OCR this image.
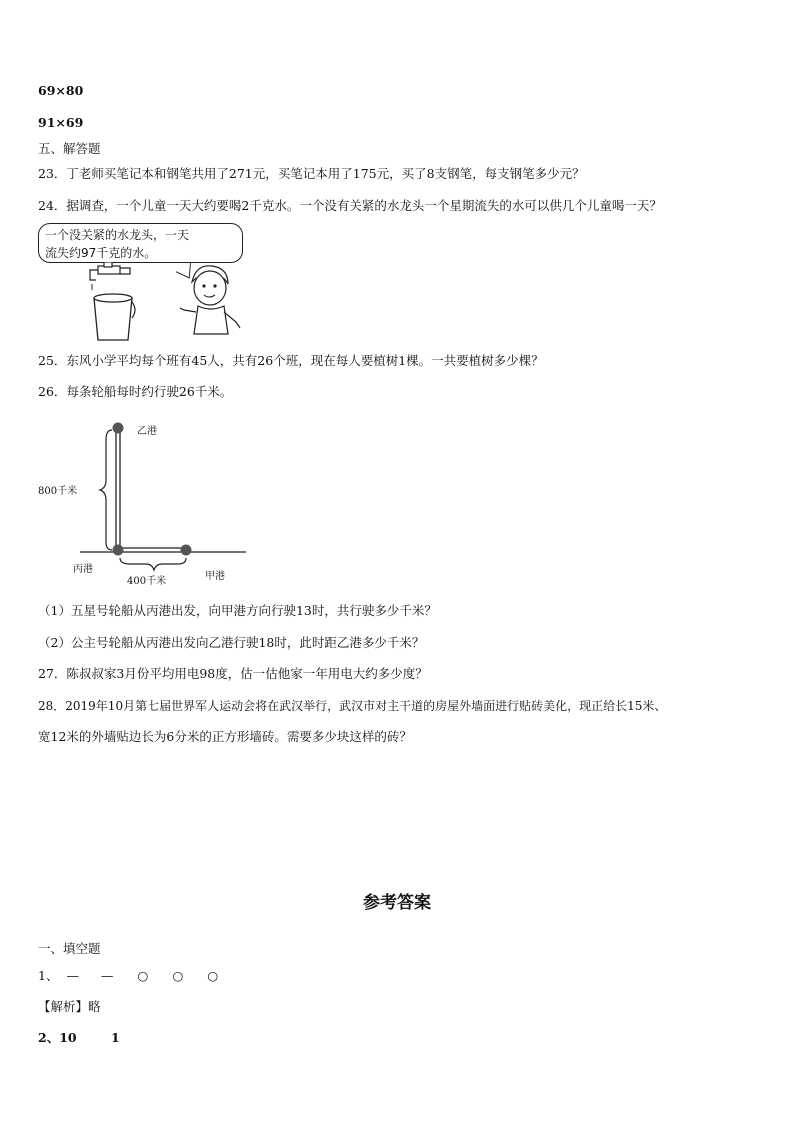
69×80
91×69
五、解答题
23．丁老师买笔记本和钢笔共用了271元，买笔记本用了175元，买了8支钢笔，每支钢笔多少元？
24．据调查，一个儿童一天大约要喝2千克水。一个没有关紧的水龙头一个星期流失的水可以供几个儿童喝一天？
一个没关紧的水龙头，一天
流失约97千克的水。
25．东风小学平均每个班有45人，共有26个班，现在每人要植树1棵。一共要植树多少棵？
26．每条轮船每时约行驶26千米。
乙港
800千米
丙港
400千米	甲港
（1）五星号轮船从丙港出发，向甲港方向行驶13时，共行驶多少千米？
（2）公主号轮船从丙港出发向乙港行驶18时，此时距乙港多少千米？
27．陈叔叔家3月份平均用电98度，估一估他家一年用电大约多少度？
28．2019年10月第七届世界军人运动会将在武汉举行，武汉市对主干道的房屋外墙面进行贴砖美化，现正给长15米、
宽12米的外墙贴边长为6分米的正方形墙砖。需要多少块这样的砖？
参考答案
一、填空题
1、 — — ○ ○ ○
【解析】略
2、10	1
